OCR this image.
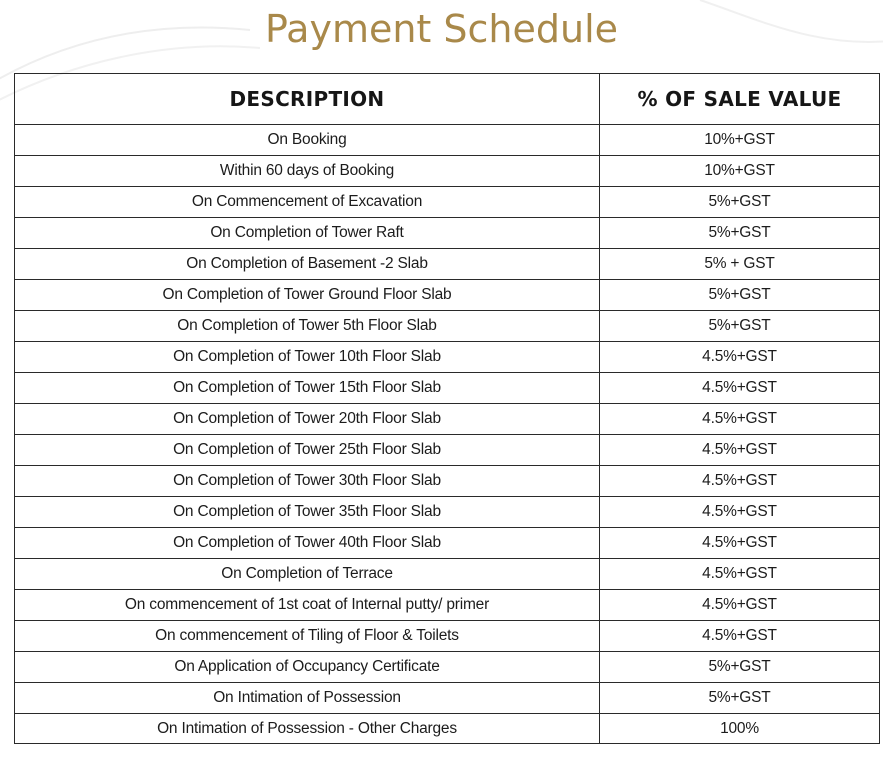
Payment Schedule
DESCRIPTION	% OF SALE VALUE
On Booking	10%+GST
Within 60 days of Booking	10%+GST
On Commencement of Excavation	5%+GST
On Completion of Tower Raft	5%+GST
On Completion of Basement -2 Slab	5% + GST
On Completion of Tower Ground Floor Slab	5%+GST
On Completion of Tower 5th Floor Slab	5%+GST
On Completion of Tower 10th Floor Slab	4.5%+GST
On Completion of Tower 15th Floor Slab	4.5%+GST
On Completion of Tower 20th Floor Slab	4.5%+GST
On Completion of Tower 25th Floor Slab	4.5%+GST
On Completion of Tower 30th Floor Slab	4.5%+GST
On Completion of Tower 35th Floor Slab	4.5%+GST
On Completion of Tower 40th Floor Slab	4.5%+GST
On Completion of Terrace	4.5%+GST
On commencement of 1st coat of Internal putty/ primer	4.5%+GST
On commencement of Tiling of Floor & Toilets	4.5%+GST
On Application of Occupancy Certificate	5%+GST
On Intimation of Possession	5%+GST
On Intimation of Possession - Other Charges	100%
